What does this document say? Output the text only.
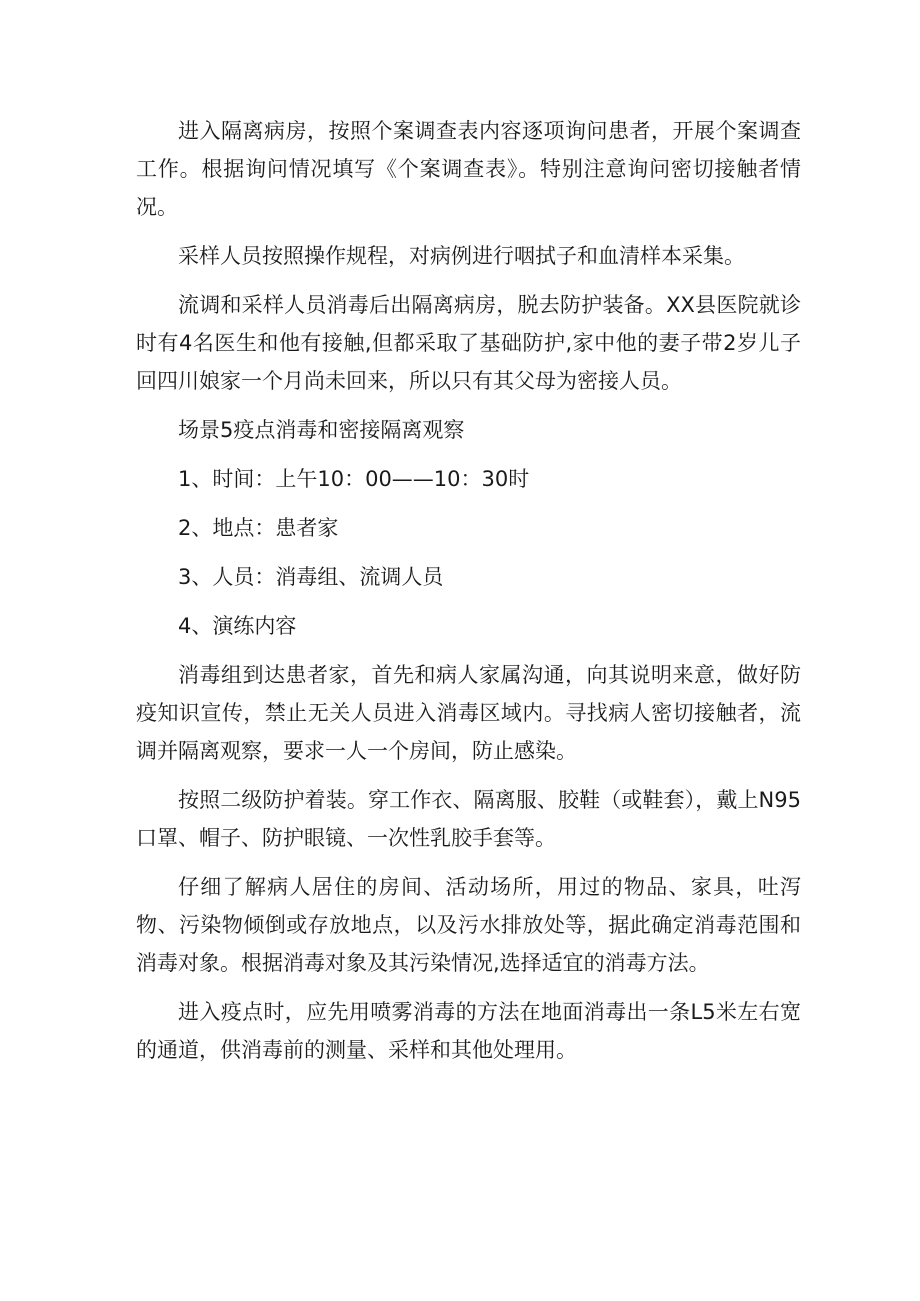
进入隔离病房，按照个案调查表内容逐项询问患者，开展个案调查工作。根据询问情况填写《个案调查表》。特别注意询问密切接触者情况。

采样人员按照操作规程，对病例进行咽拭子和血清样本采集。

流调和采样人员消毒后出隔离病房，脱去防护装备。XX县医院就诊时有4名医生和他有接触,但都采取了基础防护,家中他的妻子带2岁儿子回四川娘家一个月尚未回来，所以只有其父母为密接人员。

场景5疫点消毒和密接隔离观察

1、时间：上午10：00——10：30时

2、地点：患者家

3、人员：消毒组、流调人员

4、演练内容

消毒组到达患者家，首先和病人家属沟通，向其说明来意，做好防疫知识宣传，禁止无关人员进入消毒区域内。寻找病人密切接触者，流调并隔离观察，要求一人一个房间，防止感染。

按照二级防护着装。穿工作衣、隔离服、胶鞋（或鞋套），戴上N95口罩、帽子、防护眼镜、一次性乳胶手套等。

仔细了解病人居住的房间、活动场所，用过的物品、家具，吐泻物、污染物倾倒或存放地点，以及污水排放处等，据此确定消毒范围和消毒对象。根据消毒对象及其污染情况,选择适宜的消毒方法。

进入疫点时，应先用喷雾消毒的方法在地面消毒出一条L5米左右宽的通道，供消毒前的测量、采样和其他处理用。
